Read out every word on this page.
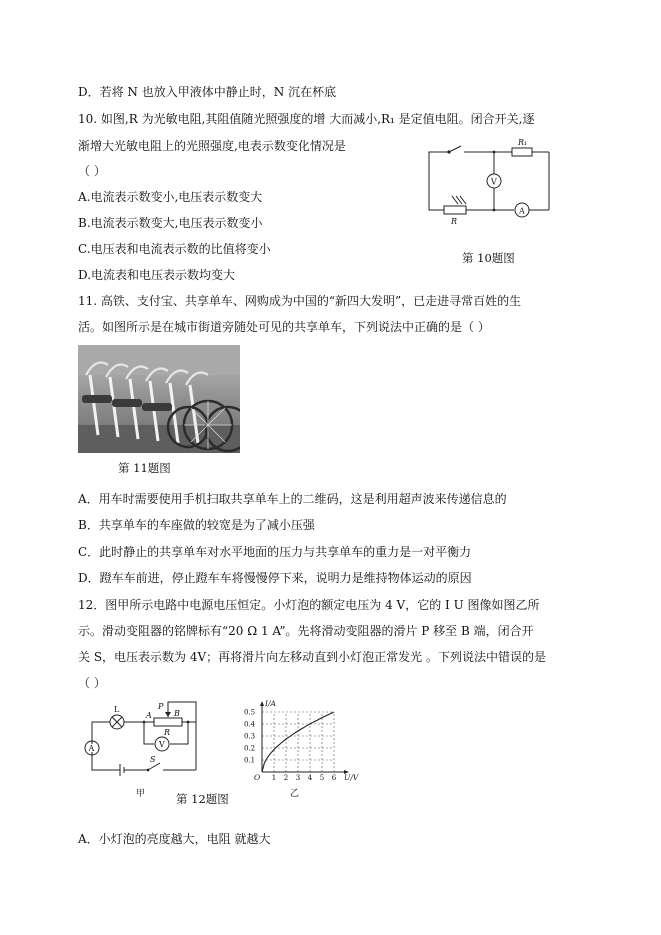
D．若将 N 也放入甲液体中静止时，N 沉在杯底
10. 如图,R 为光敏电阻,其阻值随光照强度的增 大而减小,R₁ 是定值电阻。闭合开关,逐
渐增大光敏电阻上的光照强度,电表示数变化情况是
（ ）
A.电流表示数变小,电压表示数变大
B.电流表示数变大,电压表示数变小
C.电压表和电流表示数的比值将变小
D.电流表和电压表示数均变大
R₁
V
A
R
第 10题图
11. 高铁、支付宝、共享单车、网购成为中国的“新四大发明”，已走进寻常百姓的生
活。如图所示是在城市街道旁随处可见的共享单车，下列说法中正确的是（ ）
第 11题图
A．用车时需要使用手机扫取共享单车上的二维码，这是利用超声波来传递信息的
B．共享单车的车座做的较宽是为了减小压强
C．此时静止的共享单车对水平地面的压力与共享单车的重力是一对平衡力
D．蹬车车前进，停止蹬车车将慢慢停下来，说明力是维持物体运动的原因
12．图甲所示电路中电源电压恒定。小灯泡的额定电压为 4 V，它的 I U 图像如图乙所
示。滑动变阻器的铭牌标有“20 Ω 1 A”。先将滑动变阻器的滑片 P 移至 B 端，闭合开
关 S，电压表示数为 4V；再将滑片向左移动直到小灯泡正常发光 。下列说法中错误的是
（ ）
A
L	P
A	B
R
V
S
甲
0.1
0.2
0.3
0.4
0.5
1 2 3 4 5 6
I/A
U/V
O
乙
第 12题图
A．小灯泡的亮度越大，电阻 就越大
